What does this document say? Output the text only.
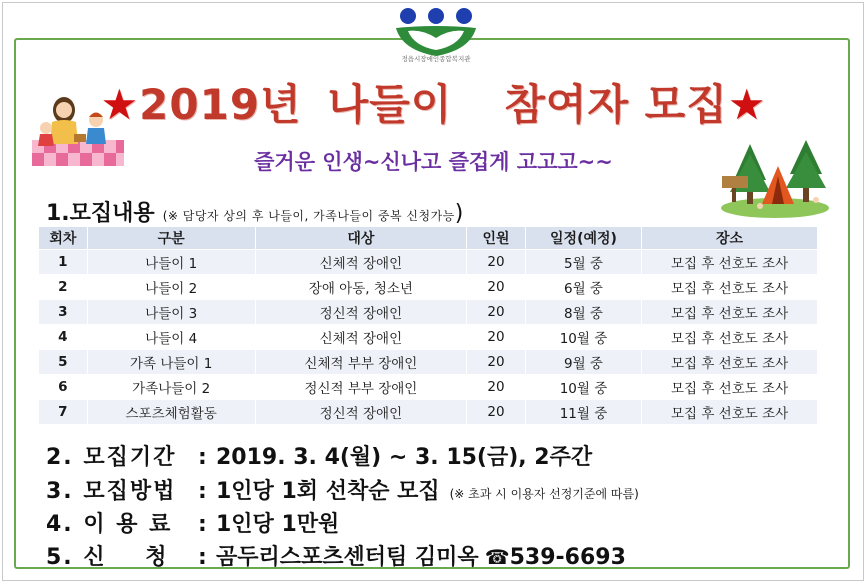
정읍시장애인종합복지관
★2019년 나들이 참여자 모집★
즐거운 인생~신나고 즐겁게 고고고~~
1.모집내용 (※ 담당자 상의 후 나들이, 가족나들이 중복 신청가능)
회차	구분	대상	인원	일정(예정)	장소
1	나들이 1	신체적 장애인	20	5월 중	모집 후 선호도 조사
2	나들이 2	장애 아동, 청소년	20	6월 중	모집 후 선호도 조사
3	나들이 3	정신적 장애인	20	8월 중	모집 후 선호도 조사
4	나들이 4	신체적 장애인	20	10월 중	모집 후 선호도 조사
5	가족 나들이 1	신체적 부부 장애인	20	9월 중	모집 후 선호도 조사
6	가족나들이 2	정신적 부부 장애인	20	10월 중	모집 후 선호도 조사
7	스포츠체험활동	정신적 장애인	20	11월 중	모집 후 선호도 조사
2. 모집기간 : 2019. 3. 4(월) ~ 3. 15(금), 2주간
3. 모집방법 : 1인당 1회 선착순 모집 (※ 초과 시 이용자 선정기준에 따름)
4. 이 용 료 : 1인당 1만원
5. 신    청 : 곰두리스포츠센터팀 김미옥 ☎539-6693
